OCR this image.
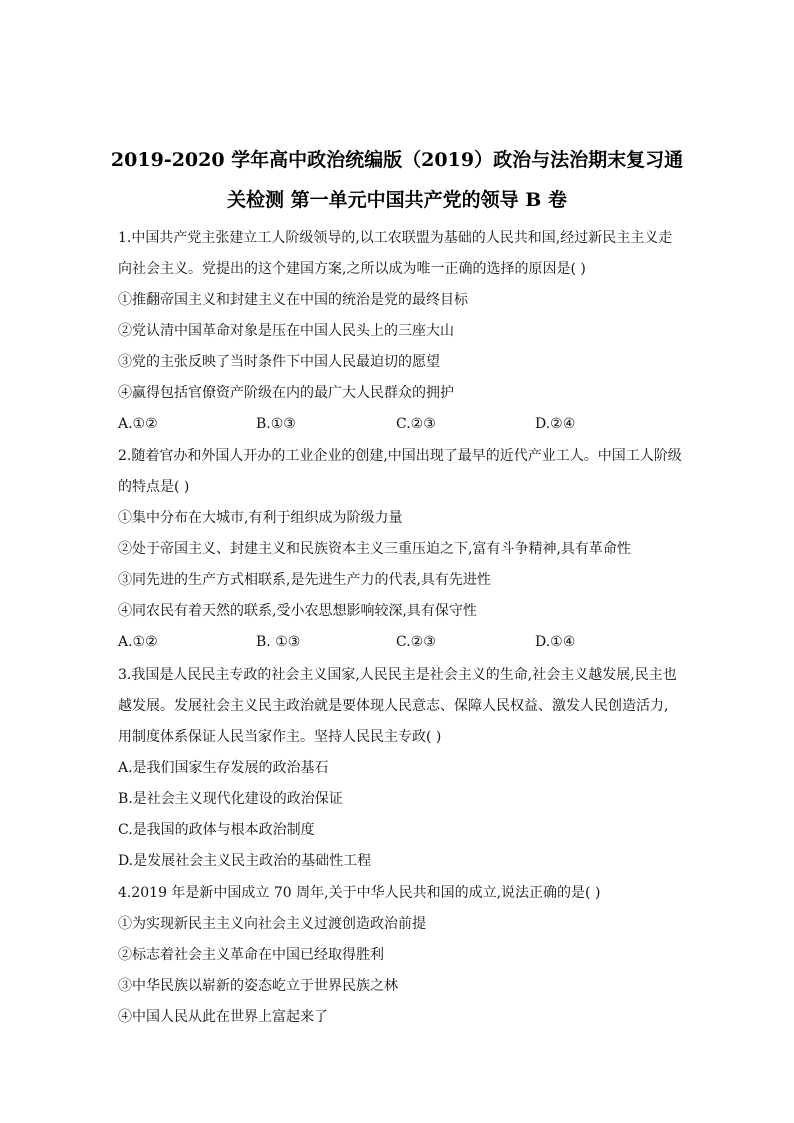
2019-2020 学年高中政治统编版（2019）政治与法治期末复习通
关检测 第一单元中国共产党的领导 B 卷
1.中国共产党主张建立工人阶级领导的,以工农联盟为基础的人民共和国,经过新民主主义走
向社会主义。党提出的这个建国方案,之所以成为唯一正确的选择的原因是( )
①推翻帝国主义和封建主义在中国的统治是党的最终目标
②党认清中国革命对象是压在中国人民头上的三座大山
③党的主张反映了当时条件下中国人民最迫切的愿望
④赢得包括官僚资产阶级在内的最广大人民群众的拥护
A.①②	B.①③	C.②③	D.②④
2.随着官办和外国人开办的工业企业的创建,中国出现了最早的近代产业工人。中国工人阶级
的特点是( )
①集中分布在大城市,有利于组织成为阶级力量
②处于帝国主义、封建主义和民族资本主义三重压迫之下,富有斗争精神,具有革命性
③同先进的生产方式相联系,是先进生产力的代表,具有先进性
④同农民有着天然的联系,受小农思想影响较深,具有保守性
A.①②	B. ①③	C.②③	D.①④
3.我国是人民民主专政的社会主义国家,人民民主是社会主义的生命,社会主义越发展,民主也
越发展。发展社会主义民主政治就是要体现人民意志、保障人民权益、激发人民创造活力,
用制度体系保证人民当家作主。坚持人民民主专政( )
A.是我们国家生存发展的政治基石
B.是社会主义现代化建设的政治保证
C.是我国的政体与根本政治制度
D.是发展社会主义民主政治的基础性工程
4.2019 年是新中国成立 70 周年,关于中华人民共和国的成立,说法正确的是( )
①为实现新民主主义向社会主义过渡创造政治前提
②标志着社会主义革命在中国已经取得胜利
③中华民族以崭新的姿态屹立于世界民族之林
④中国人民从此在世界上富起来了
